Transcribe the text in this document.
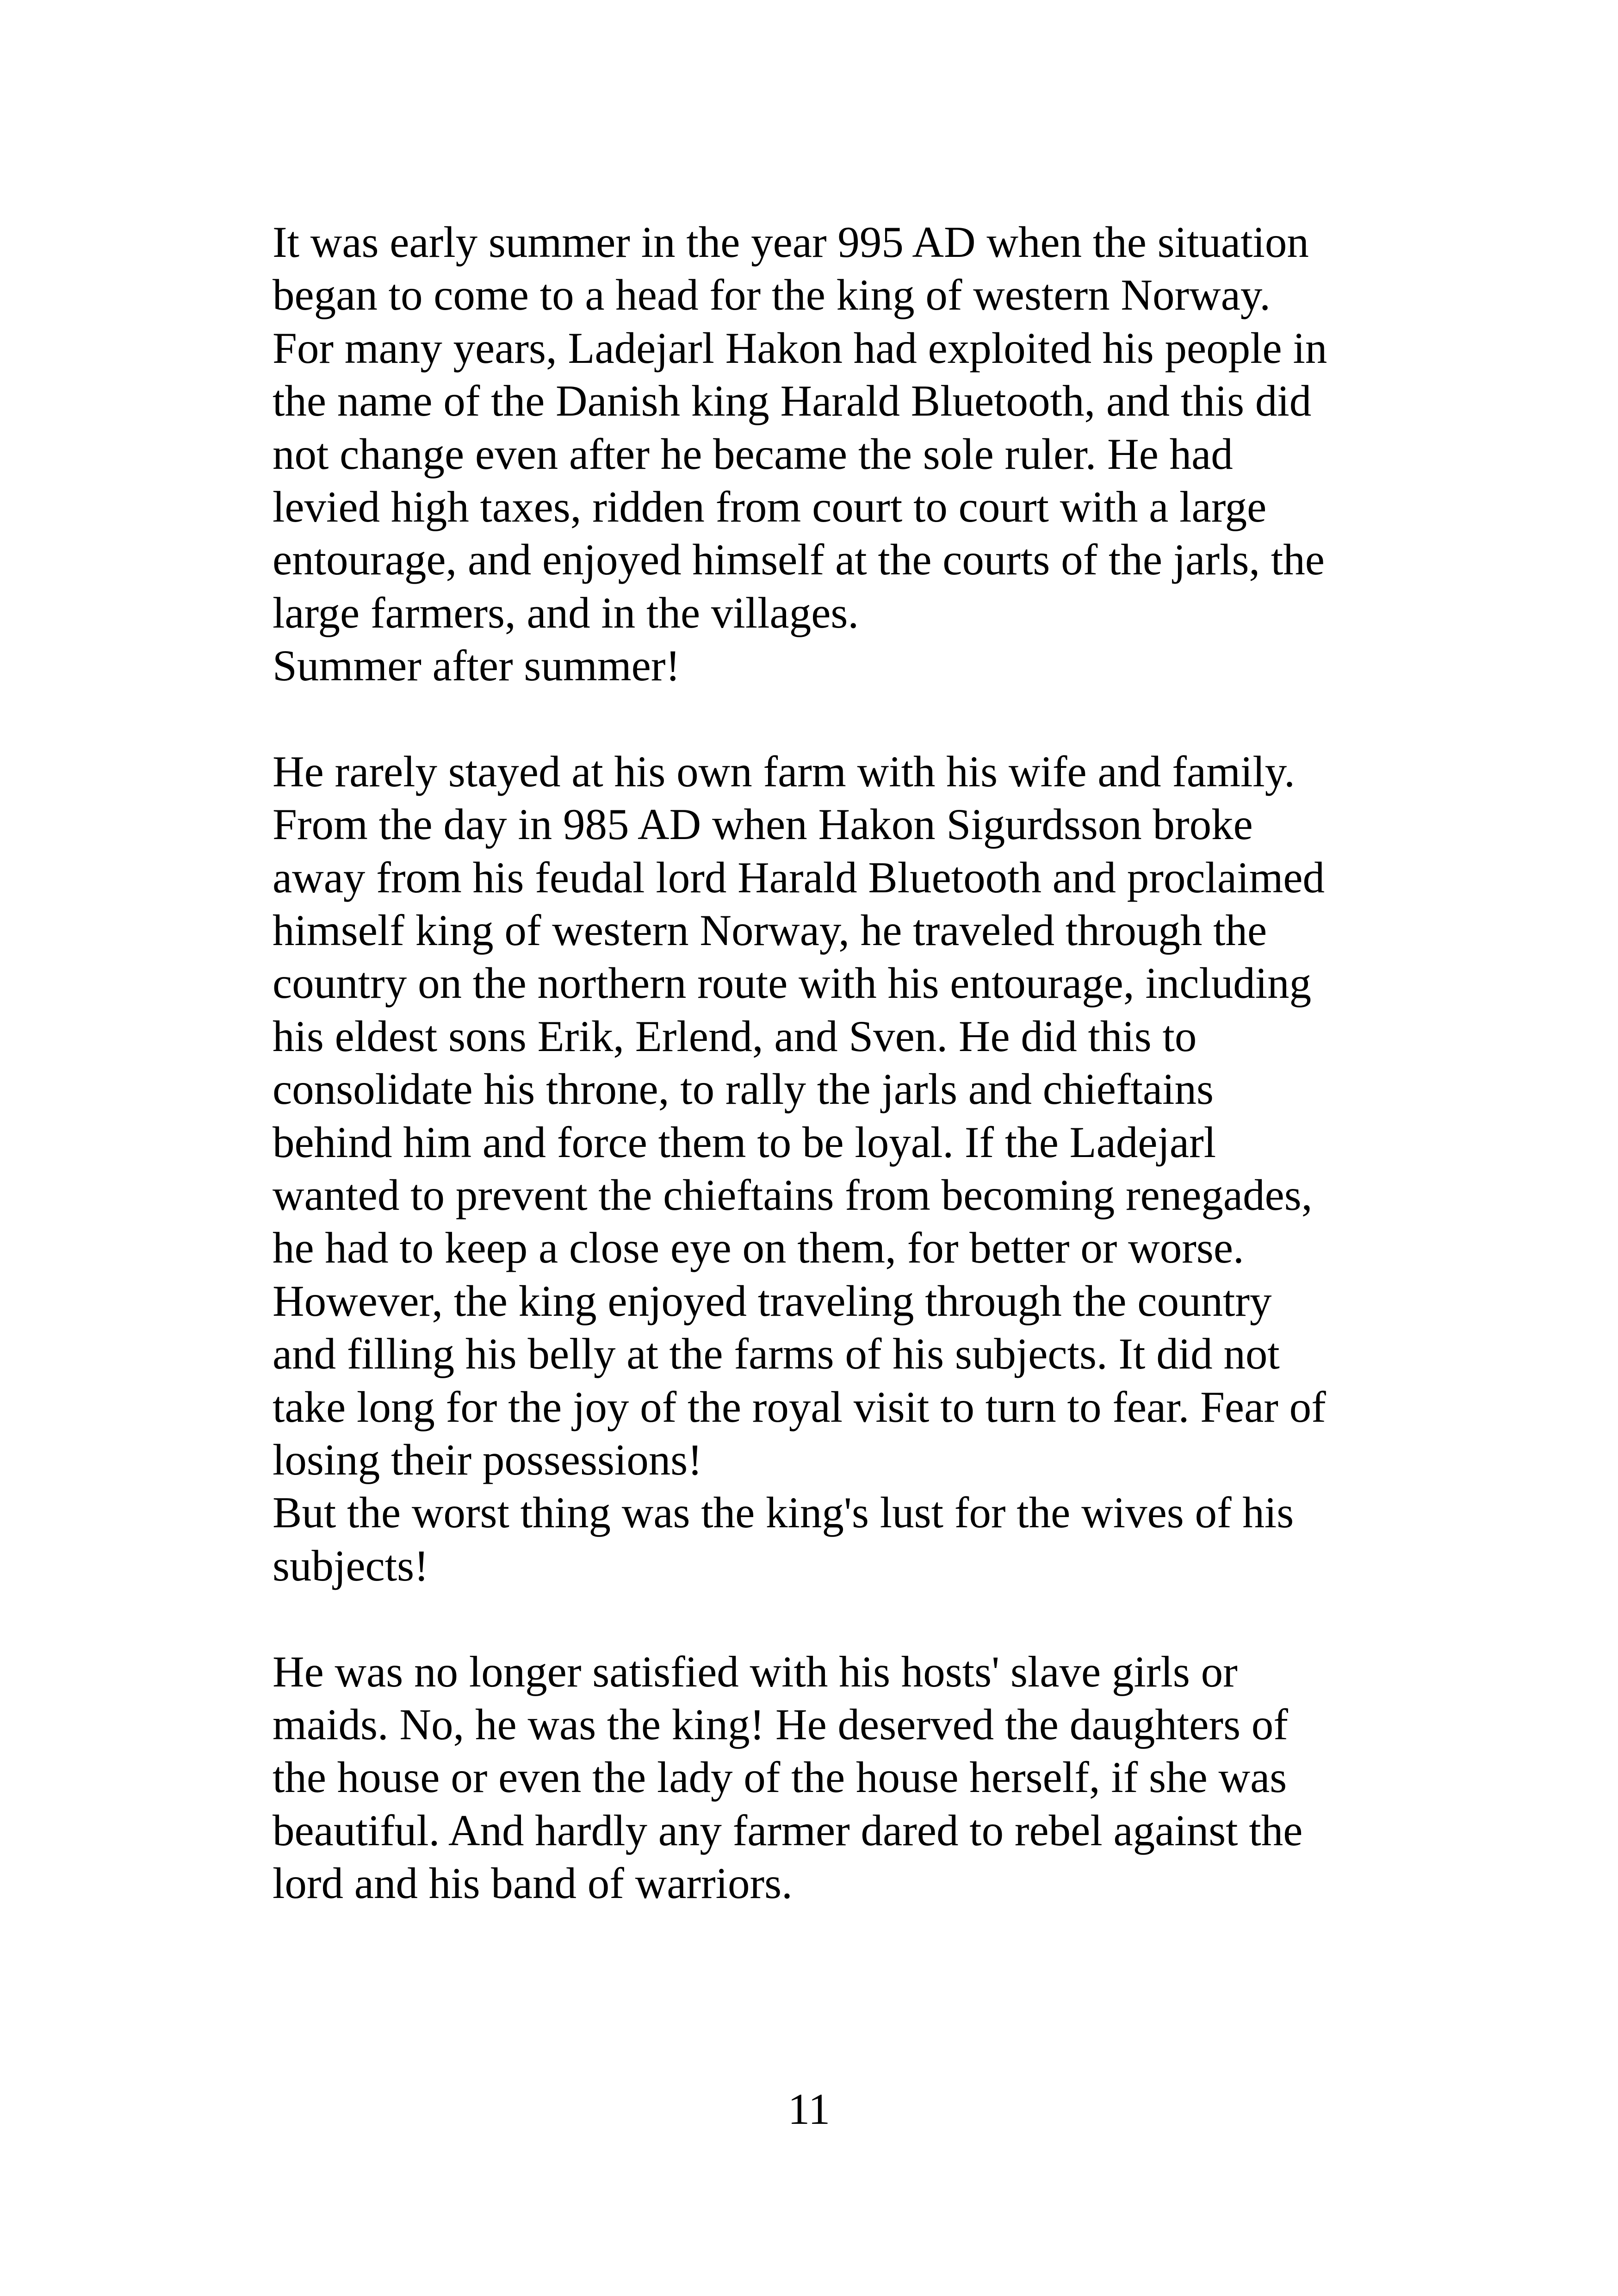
It was early summer in the year 995 AD when the situation
began to come to a head for the king of western Norway.
For many years, Ladejarl Hakon had exploited his people in
the name of the Danish king Harald Bluetooth, and this did
not change even after he became the sole ruler. He had
levied high taxes, ridden from court to court with a large
entourage, and enjoyed himself at the courts of the jarls, the
large farmers, and in the villages.
Summer after summer!
He rarely stayed at his own farm with his wife and family.
From the day in 985 AD when Hakon Sigurdsson broke
away from his feudal lord Harald Bluetooth and proclaimed
himself king of western Norway, he traveled through the
country on the northern route with his entourage, including
his eldest sons Erik, Erlend, and Sven. He did this to
consolidate his throne, to rally the jarls and chieftains
behind him and force them to be loyal. If the Ladejarl
wanted to prevent the chieftains from becoming renegades,
he had to keep a close eye on them, for better or worse.
However, the king enjoyed traveling through the country
and filling his belly at the farms of his subjects. It did not
take long for the joy of the royal visit to turn to fear. Fear of
losing their possessions!
But the worst thing was the king's lust for the wives of his
subjects!
He was no longer satisfied with his hosts' slave girls or
maids. No, he was the king! He deserved the daughters of
the house or even the lady of the house herself, if she was
beautiful. And hardly any farmer dared to rebel against the
lord and his band of warriors.
11
